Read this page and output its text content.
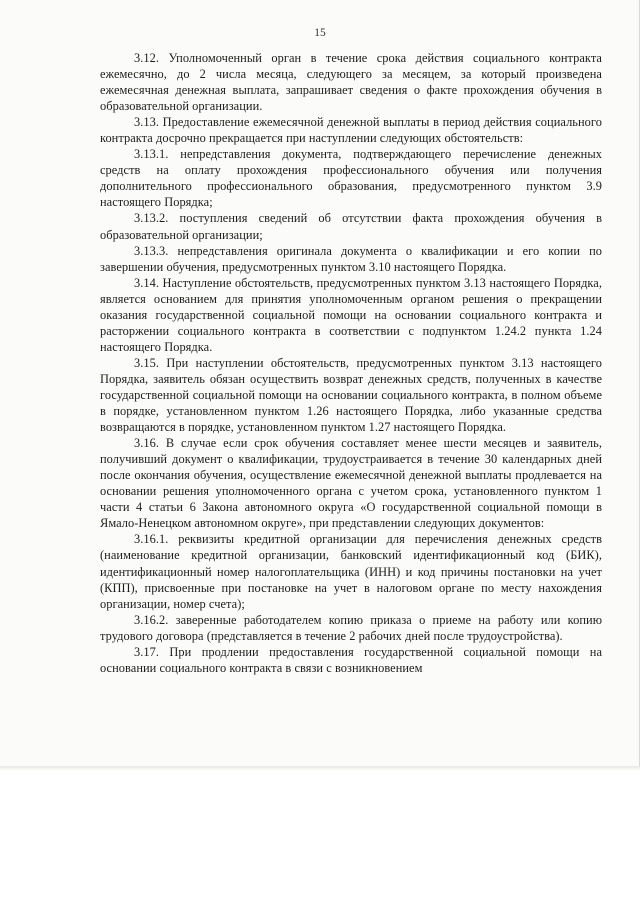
15

3.12. Уполномоченный орган в течение срока действия социального контракта ежемесячно, до 2 числа месяца, следующего за месяцем, за который произведена ежемесячная денежная выплата, запрашивает сведения о факте прохождения обучения в образовательной организации.

3.13. Предоставление ежемесячной денежной выплаты в период действия социального контракта досрочно прекращается при наступлении следующих обстоятельств:

3.13.1. непредставления документа, подтверждающего перечисление денежных средств на оплату прохождения профессионального обучения или получения дополнительного профессионального образования, предусмотренного пунктом 3.9 настоящего Порядка;

3.13.2. поступления сведений об отсутствии факта прохождения обучения в образовательной организации;

3.13.3. непредставления оригинала документа о квалификации и его копии по завершении обучения, предусмотренных пунктом 3.10 настоящего Порядка.

3.14. Наступление обстоятельств, предусмотренных пунктом 3.13 настоящего Порядка, является основанием для принятия уполномоченным органом решения о прекращении оказания государственной социальной помощи на основании социального контракта и расторжении социального контракта в соответствии с подпунктом 1.24.2 пункта 1.24 настоящего Порядка.

3.15. При наступлении обстоятельств, предусмотренных пунктом 3.13 настоящего Порядка, заявитель обязан осуществить возврат денежных средств, полученных в качестве государственной социальной помощи на основании социального контракта, в полном объеме в порядке, установленном пунктом 1.26 настоящего Порядка, либо указанные средства возвращаются в порядке, установленном пунктом 1.27 настоящего Порядка.

3.16. В случае если срок обучения составляет менее шести месяцев и заявитель, получивший документ о квалификации, трудоустраивается в течение 30 календарных дней после окончания обучения, осуществление ежемесячной денежной выплаты продлевается на основании решения уполномоченного органа с учетом срока, установленного пунктом 1 части 4 статьи 6 Закона автономного округа «О государственной социальной помощи в Ямало-Ненецком автономном округе», при представлении следующих документов:

3.16.1. реквизиты кредитной организации для перечисления денежных средств (наименование кредитной организации, банковский идентификационный код (БИК), идентификационный номер налогоплательщика (ИНН) и код причины постановки на учет (КПП), присвоенные при постановке на учет в налоговом органе по месту нахождения организации, номер счета);

3.16.2. заверенные работодателем копию приказа о приеме на работу или копию трудового договора (представляется в течение 2 рабочих дней после трудоустройства).

3.17. При продлении предоставления государственной социальной помощи на основании социального контракта в связи с возникновением
